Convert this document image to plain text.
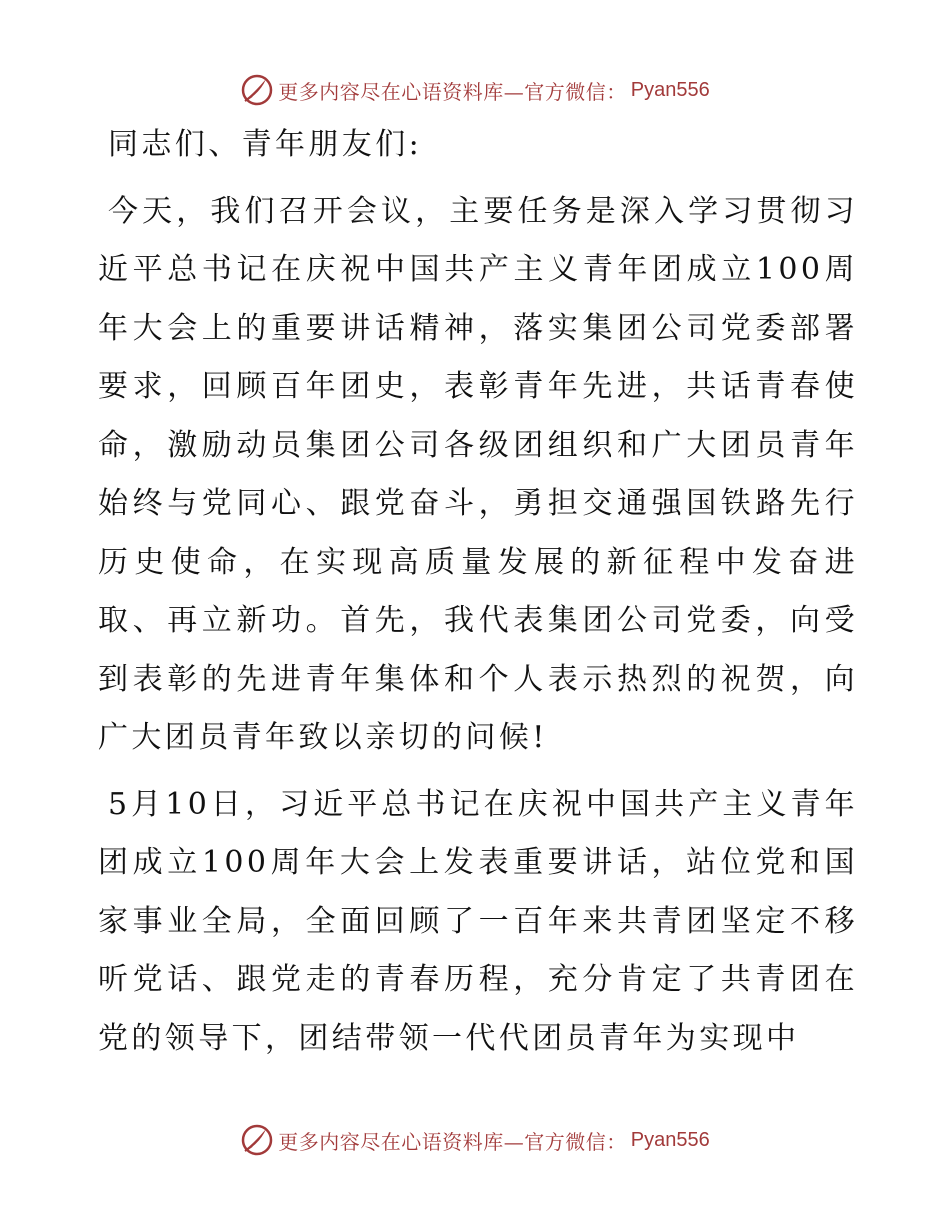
更多内容尽在心语资料库—官方微信： Pyan556

同志们、青年朋友们:

今天，我们召开会议，主要任务是深入学习贯彻习近平总书记在庆祝中国共产主义青年团成立100周年大会上的重要讲话精神，落实集团公司党委部署要求，回顾百年团史，表彰青年先进，共话青春使命，激励动员集团公司各级团组织和广大团员青年始终与党同心、跟党奋斗，勇担交通强国铁路先行历史使命，在实现高质量发展的新征程中发奋进取、再立新功。首先，我代表集团公司党委，向受到表彰的先进青年集体和个人表示热烈的祝贺，向广大团员青年致以亲切的问候!

5月10日，习近平总书记在庆祝中国共产主义青年团成立100周年大会上发表重要讲话，站位党和国家事业全局，全面回顾了一百年来共青团坚定不移听党话、跟党走的青春历程，充分肯定了共青团在党的领导下，团结带领一代代团员青年为实现中

更多内容尽在心语资料库—官方微信： Pyan556
